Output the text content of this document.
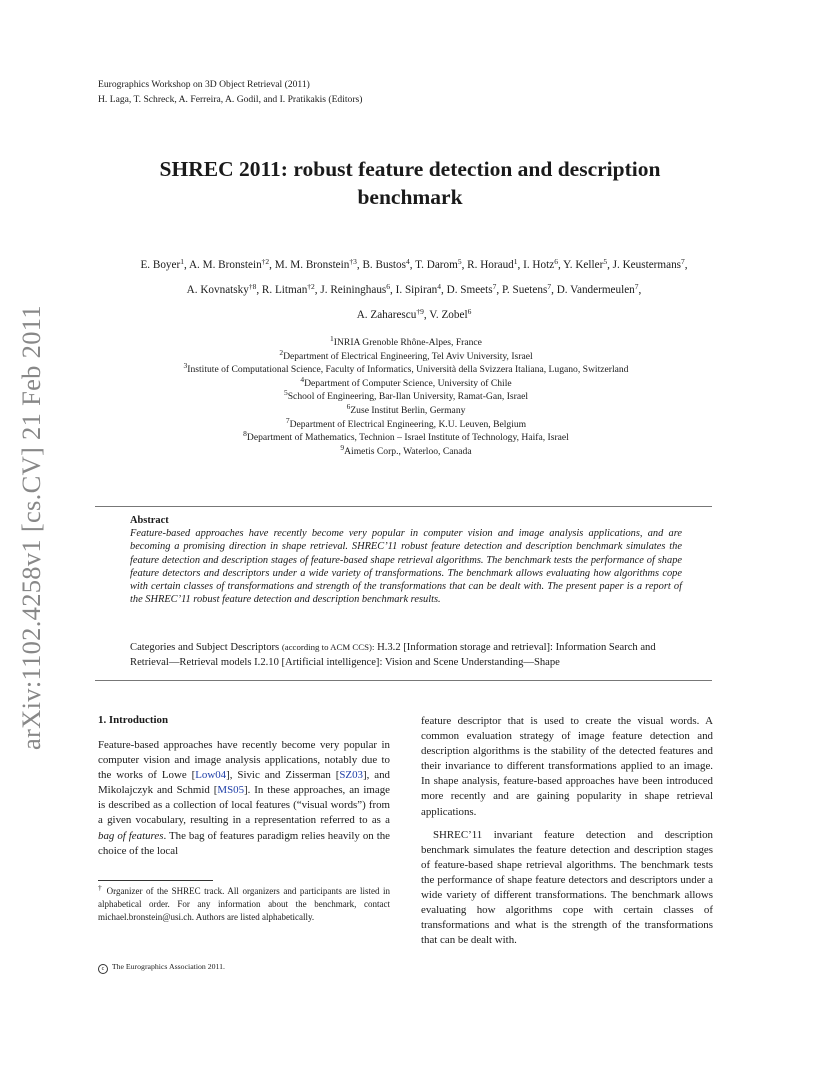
Eurographics Workshop on 3D Object Retrieval (2011)
H. Laga, T. Schreck, A. Ferreira, A. Godil, and I. Pratikakis (Editors)
SHREC 2011: robust feature detection and description
benchmark
E. Boyer$^1$, A. M. Bronstein$^{\dagger 2}$, M. M. Bronstein$^{\dagger 3}$, B. Bustos$^4$, T. Darom$^5$, R. Horaud$^1$, I. Hotz$^6$, Y. Keller$^5$, J. Keustermans$^7$,
A. Kovnatsky$^{\dagger 8}$, R. Litman$^{\dagger 2}$, J. Reininghaus$^6$, I. Sipiran$^4$, D. Smeets$^7$, P. Suetens$^7$, D. Vandermeulen$^7$,
A. Zaharescu$^{\dagger 9}$, V. Zobel$^6$
$^1$INRIA Grenoble Rhône-Alpes, France
$^2$Department of Electrical Engineering, Tel Aviv University, Israel
$^3$Institute of Computational Science, Faculty of Informatics, Università della Svizzera Italiana, Lugano, Switzerland
$^4$Department of Computer Science, University of Chile
$^5$School of Engineering, Bar-Ilan University, Ramat-Gan, Israel
$^6$Zuse Institut Berlin, Germany
$^7$Department of Electrical Engineering, K.U. Leuven, Belgium
$^8$Department of Mathematics, Technion – Israel Institute of Technology, Haifa, Israel
$^9$Aimetis Corp., Waterloo, Canada
Abstract
Feature-based approaches have recently become very popular in computer vision and image analysis applications, and are becoming a promising direction in shape retrieval. SHREC’11 robust feature detection and description benchmark simulates the feature detection and description stages of feature-based shape retrieval algorithms. The benchmark tests the performance of shape feature detectors and descriptors under a wide variety of transformations. The benchmark allows evaluating how algorithms cope with certain classes of transformations and strength of the transformations that can be dealt with. The present paper is a report of the SHREC’11 robust feature detection and description benchmark results.
Categories and Subject Descriptors (according to ACM CCS): H.3.2 [Information storage and retrieval]: Information Search and Retrieval—Retrieval models I.2.10 [Artificial intelligence]: Vision and Scene Understanding—Shape
1. Introduction
Feature-based approaches have recently become very popular in computer vision and image analysis applications, notably due to the works of Lowe [Low04], Sivic and Zisserman [SZ03], and Mikolajczyk and Schmid [MS05]. In these approaches, an image is described as a collection of local features (“visual words”) from a given vocabulary, resulting in a representation referred to as a bag of features. The bag of features paradigm relies heavily on the choice of the local
feature descriptor that is used to create the visual words. A common evaluation strategy of image feature detection and description algorithms is the stability of the detected features and their invariance to different transformations applied to an image. In shape analysis, feature-based approaches have been introduced more recently and are gaining popularity in shape retrieval applications.
SHREC’11 invariant feature detection and description benchmark simulates the feature detection and description stages of feature-based shape retrieval algorithms. The benchmark tests the performance of shape feature detectors and descriptors under a wide variety of different transformations. The benchmark allows evaluating how algorithms cope with certain classes of transformations and what is the strength of the transformations that can be dealt with.
† Organizer of the SHREC track. All organizers and participants are listed in alphabetical order. For any information about the benchmark, contact michael.bronstein@usi.ch. Authors are listed alphabetically.
c The Eurographics Association 2011.
arXiv:1102.4258v1 [cs.CV] 21 Feb 2011
